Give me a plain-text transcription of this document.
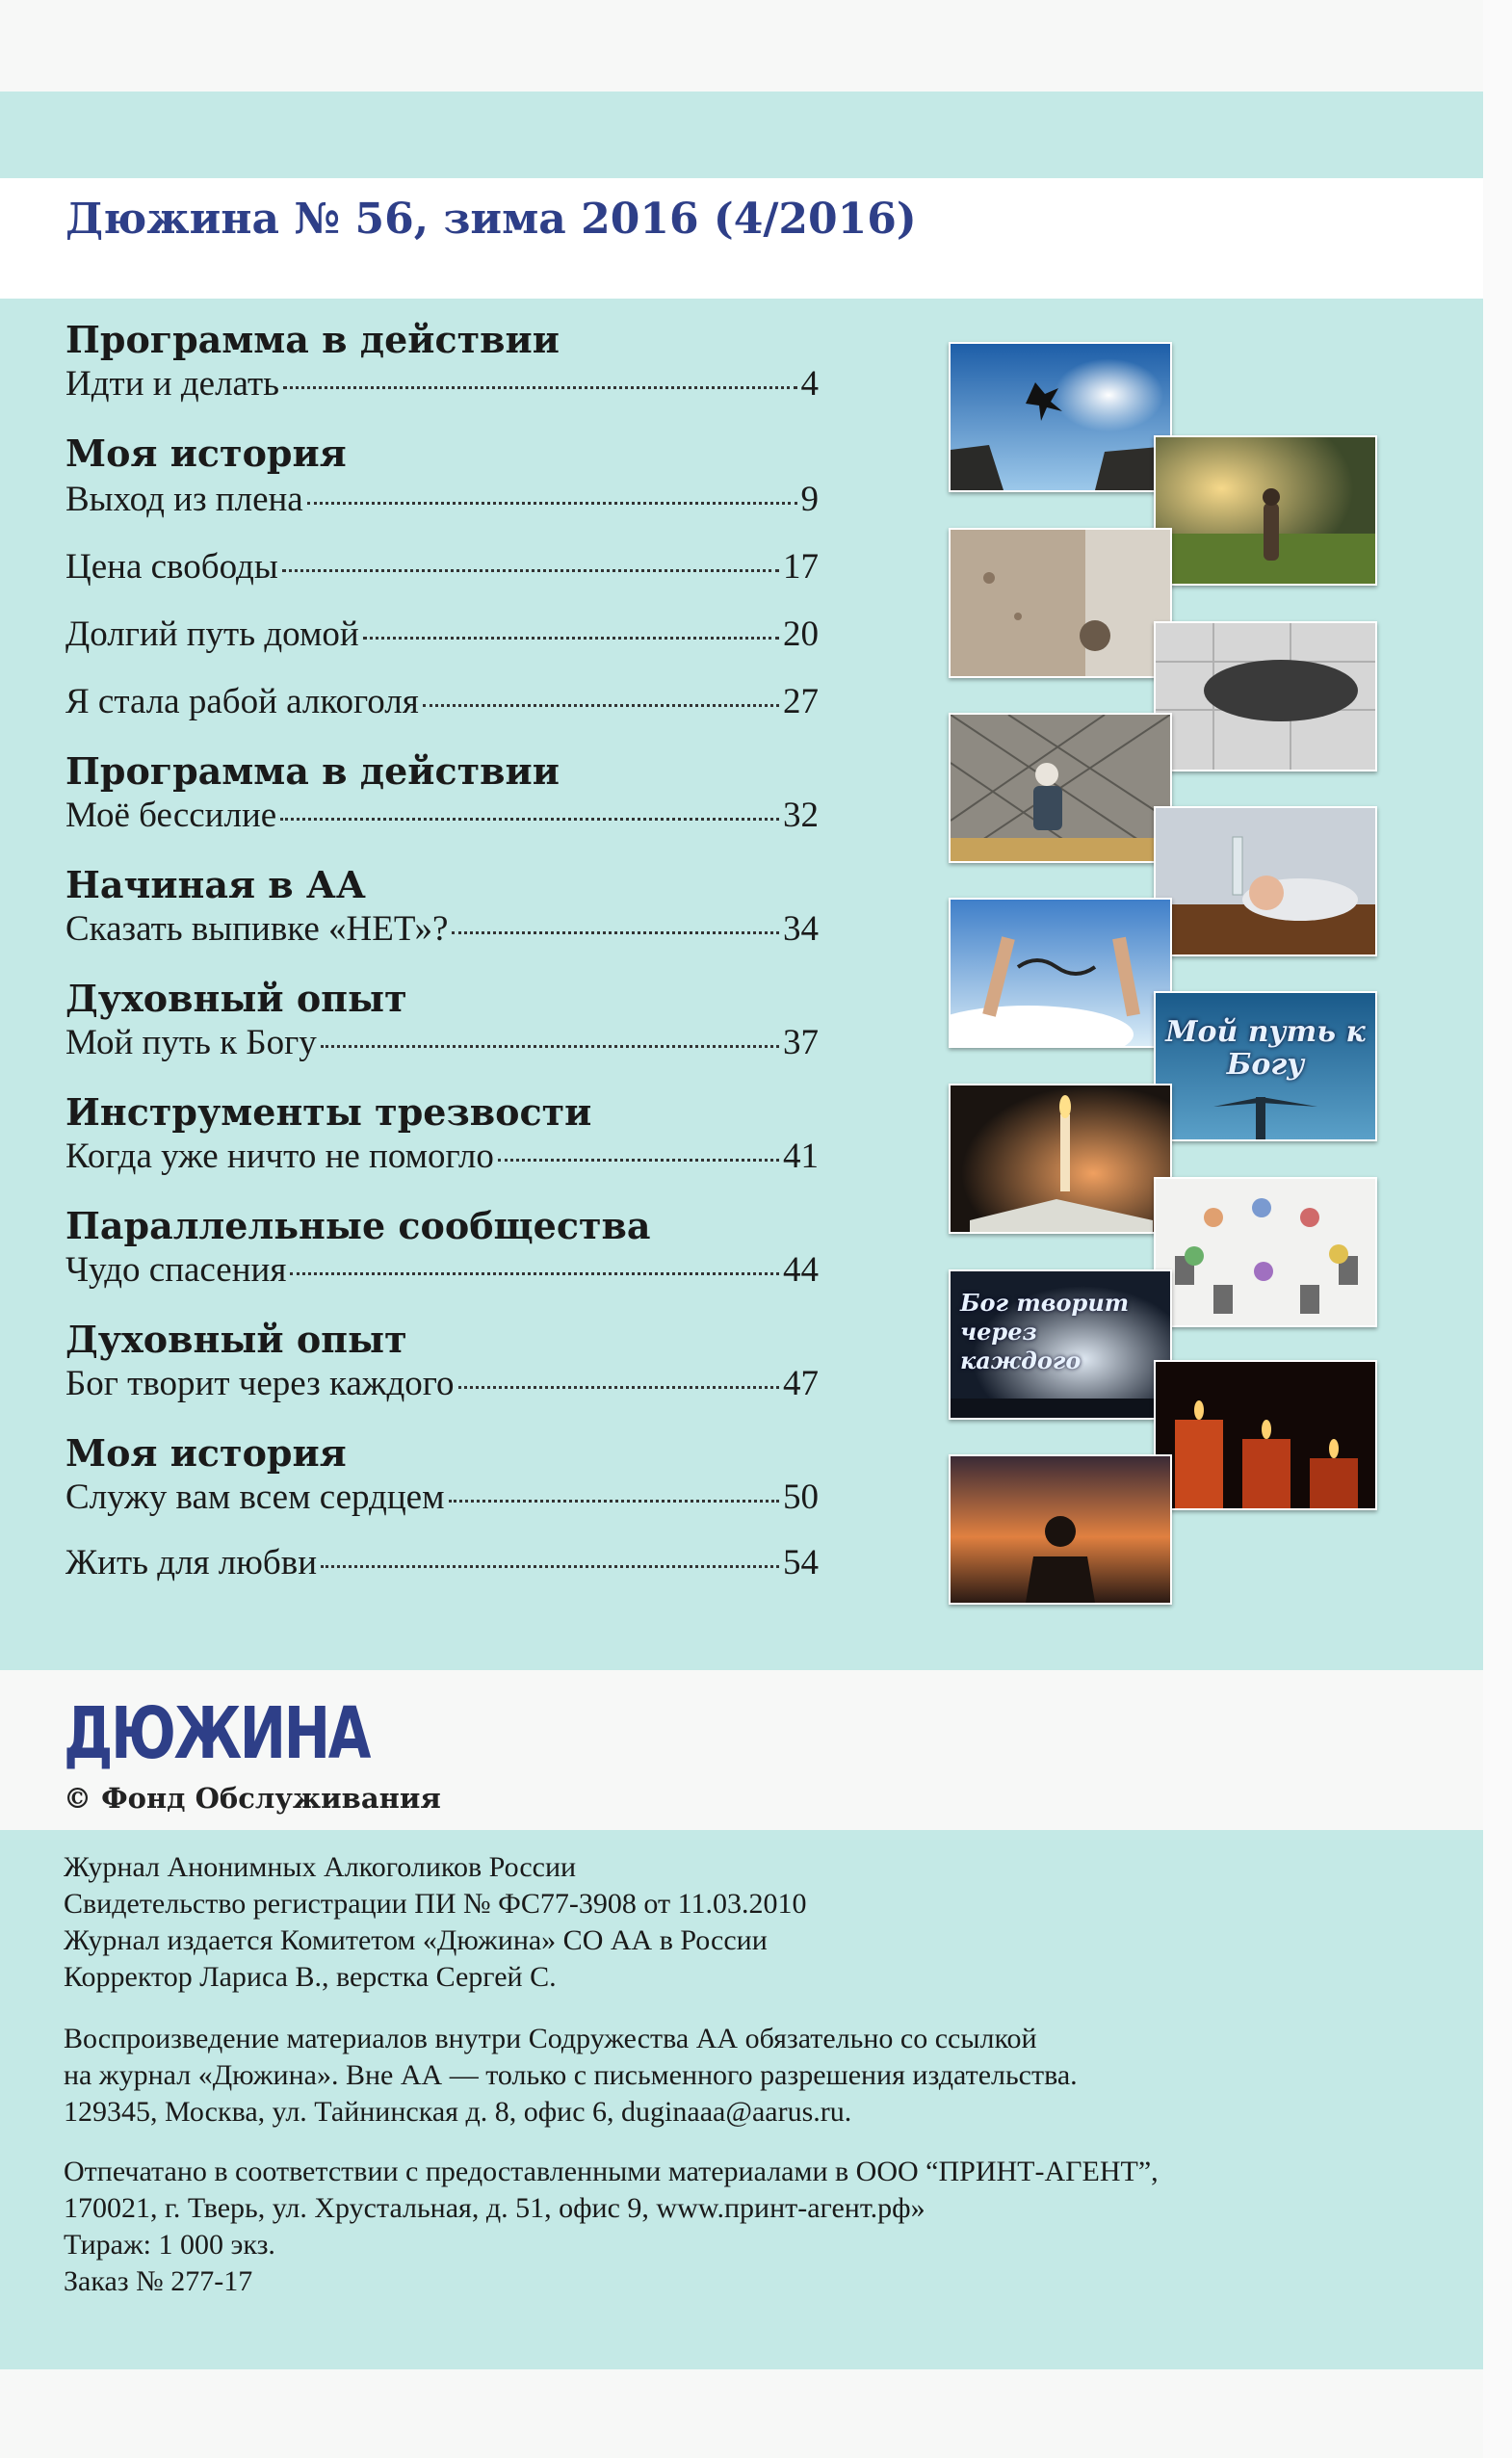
Дюжина № 56, зима 2016 (4/2016)
Программа в действии
Идти и делать	4
Моя история
Выход из плена	9
Цена свободы	17
Долгий путь домой	20
Я стала рабой алкоголя	27
Программа в действии
Моё бессилие	32
Начиная в АА
Сказать выпивке «НЕТ»?	34
Духовный опыт
Мой путь к Богу	37
Инструменты трезвости
Когда уже ничто не помогло	41
Параллельные сообщества
Чудо спасения	44
Духовный опыт
Бог творит через каждого	47
Моя история
Служу вам всем сердцем	50
Жить для любви	54
Мой путь к Богу
Бог творит через каждого
ДЮЖИНА
© Фонд Обслуживания
Журнал Анонимных Алкоголиков России
Свидетельство регистрации ПИ № ФС77-3908 от 11.03.2010
Журнал издается Комитетом «Дюжина» СО АА в России
Корректор Лариса В., верстка Сергей С.
Воспроизведение материалов внутри Содружества АА обязательно со ссылкой
на журнал «Дюжина». Вне АА — только с письменного разрешения издательства.
129345, Москва, ул. Тайнинская д. 8, офис 6, duginaaa@aarus.ru.
Отпечатано в соответствии с предоставленными материалами в ООО “ПРИНТ-АГЕНТ”,
170021, г. Тверь, ул. Хрустальная, д. 51, офис 9, www.принт-агент.рф»
Тираж: 1 000 экз.
Заказ № 277-17
